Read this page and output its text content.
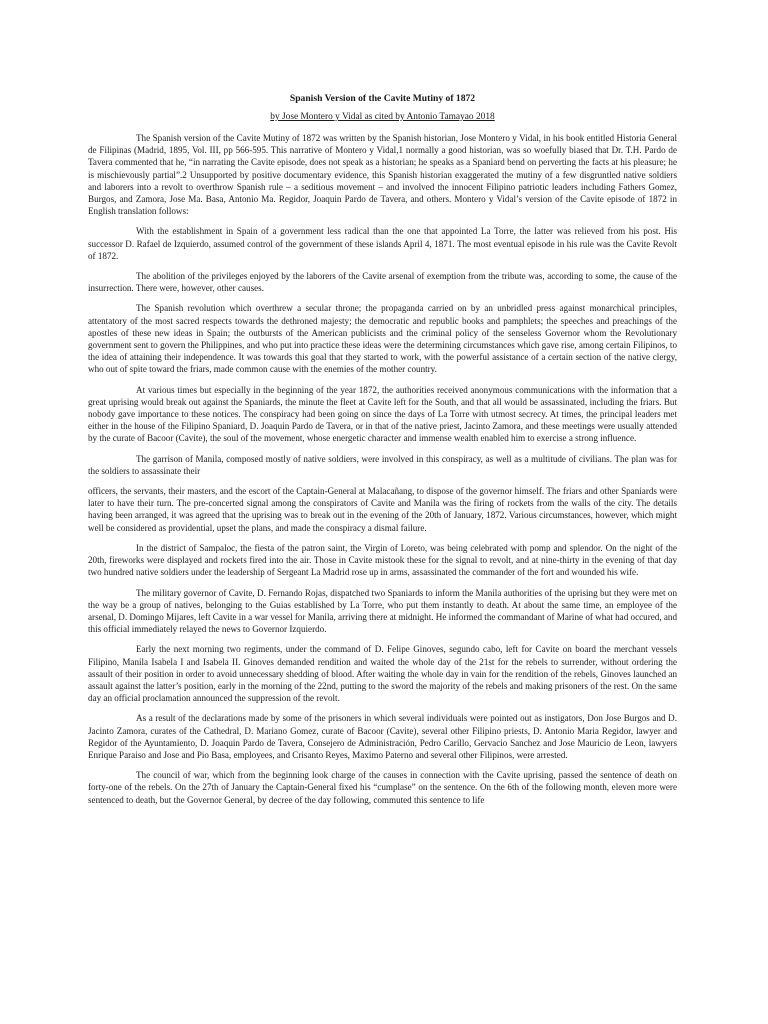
Spanish Version of the Cavite Mutiny of 1872
by Jose Montero y Vidal as cited by Antonio Tamayao 2018

The Spanish version of the Cavite Mutiny of 1872 was written by the Spanish historian, Jose Montero y Vidal, in his book entitled Historia General de Filipinas (Madrid, 1895, Vol. III, pp 566-595. This narrative of Montero y Vidal,1 normally a good historian, was so woefully biased that Dr. T.H. Pardo de Tavera commented that he, “in narrating the Cavite episode, does not speak as a historian; he speaks as a Spaniard bend on perverting the facts at his pleasure; he is mischievously partial”.2 Unsupported by positive documentary evidence, this Spanish historian exaggerated the mutiny of a few disgruntled native soldiers and laborers into a revolt to overthrow Spanish rule – a seditious movement – and involved the innocent Filipino patriotic leaders including Fathers Gomez, Burgos, and Zamora, Jose Ma. Basa, Antonio Ma. Regidor, Joaquin Pardo de Tavera, and others. Montero y Vidal’s version of the Cavite episode of 1872 in English translation follows:

With the establishment in Spain of a government less radical than the one that appointed La Torre, the latter was relieved from his post. His successor D. Rafael de Izquierdo, assumed control of the government of these islands April 4, 1871. The most eventual episode in his rule was the Cavite Revolt of 1872.

The abolition of the privileges enjoyed by the laborers of the Cavite arsenal of exemption from the tribute was, according to some, the cause of the insurrection. There were, however, other causes.

The Spanish revolution which overthrew a secular throne; the propaganda carried on by an unbridled press against monarchical principles, attentatory of the most sacred respects towards the dethroned majesty; the democratic and republic books and pamphlets; the speeches and preachings of the apostles of these new ideas in Spain; the outbursts of the American publicists and the criminal policy of the senseless Governor whom the Revolutionary government sent to govern the Philippines, and who put into practice these ideas were the determining circumstances which gave rise, among certain Filipinos, to the idea of attaining their independence. It was towards this goal that they started to work, with the powerful assistance of a certain section of the native clergy, who out of spite toward the friars, made common cause with the enemies of the mother country.

At various times but especially in the beginning of the year 1872, the authorities received anonymous communications with the information that a great uprising would break out against the Spaniards, the minute the fleet at Cavite left for the South, and that all would be assassinated, including the friars. But nobody gave importance to these notices. The conspiracy had been going on since the days of La Torre with utmost secrecy. At times, the principal leaders met either in the house of the Filipino Spaniard, D. Joaquin Pardo de Tavera, or in that of the native priest, Jacinto Zamora, and these meetings were usually attended by the curate of Bacoor (Cavite), the soul of the movement, whose energetic character and immense wealth enabled him to exercise a strong influence.

The garrison of Manila, composed mostly of native soldiers, were involved in this conspiracy, as well as a multitude of civilians. The plan was for the soldiers to assassinate their

officers, the servants, their masters, and the escort of the Captain-General at Malacañang, to dispose of the governor himself. The friars and other Spaniards were later to have their turn. The pre-concerted signal among the conspirators of Cavite and Manila was the firing of rockets from the walls of the city. The details having been arranged, it was agreed that the uprising was to break out in the evening of the 20th of January, 1872. Various circumstances, however, which might well be considered as providential, upset the plans, and made the conspiracy a dismal failure.

In the district of Sampaloc, the fiesta of the patron saint, the Virgin of Loreto, was being celebrated with pomp and splendor. On the night of the 20th, fireworks were displayed and rockets fired into the air. Those in Cavite mistook these for the signal to revolt, and at nine-thirty in the evening of that day two hundred native soldiers under the leadership of Sergeant La Madrid rose up in arms, assassinated the commander of the fort and wounded his wife.

The military governor of Cavite, D. Fernando Rojas, dispatched two Spaniards to inform the Manila authorities of the uprising but they were met on the way be a group of natives, belonging to the Guias established by La Torre, who put them instantly to death. At about the same time, an employee of the arsenal, D. Domingo Mijares, left Cavite in a war vessel for Manila, arriving there at midnight. He informed the commandant of Marine of what had occured, and this official immediately relayed the news to Governor Izquierdo.

Early the next morning two regiments, under the command of D. Felipe Ginoves, segundo cabo, left for Cavite on board the merchant vessels Filipino, Manila Isabela I and Isabela II. Ginoves demanded rendition and waited the whole day of the 21st for the rebels to surrender, without ordering the assault of their position in order to avoid unnecessary shedding of blood. After waiting the whole day in vain for the rendition of the rebels, Ginoves launched an assault against the latter’s position, early in the morning of the 22nd, putting to the sword the majority of the rebels and making prisoners of the rest. On the same day an official proclamation announced the suppression of the revolt.

As a result of the declarations made by some of the prisoners in which several individuals were pointed out as instigators, Don Jose Burgos and D. Jacinto Zamora, curates of the Cathedral, D. Mariano Gomez, curate of Bacoor (Cavite), several other Filipino priests, D. Antonio Maria Regidor, lawyer and Regidor of the Ayuntamiento, D. Joaquin Pardo de Tavera, Consejero de Administración, Pedro Carillo, Gervacio Sanchez and Jose Mauricio de Leon, lawyers Enrique Paraiso and Jose and Pio Basa, employees, and Crisanto Reyes, Maximo Paterno and several other Filipinos, were arrested.

The council of war, which from the beginning look charge of the causes in connection with the Cavite uprising, passed the sentence of death on forty-one of the rebels. On the 27th of January the Captain-General fixed his “cumplase” on the sentence. On the 6th of the following month, eleven more were sentenced to death, but the Governor General, by decree of the day following, commuted this sentence to life
